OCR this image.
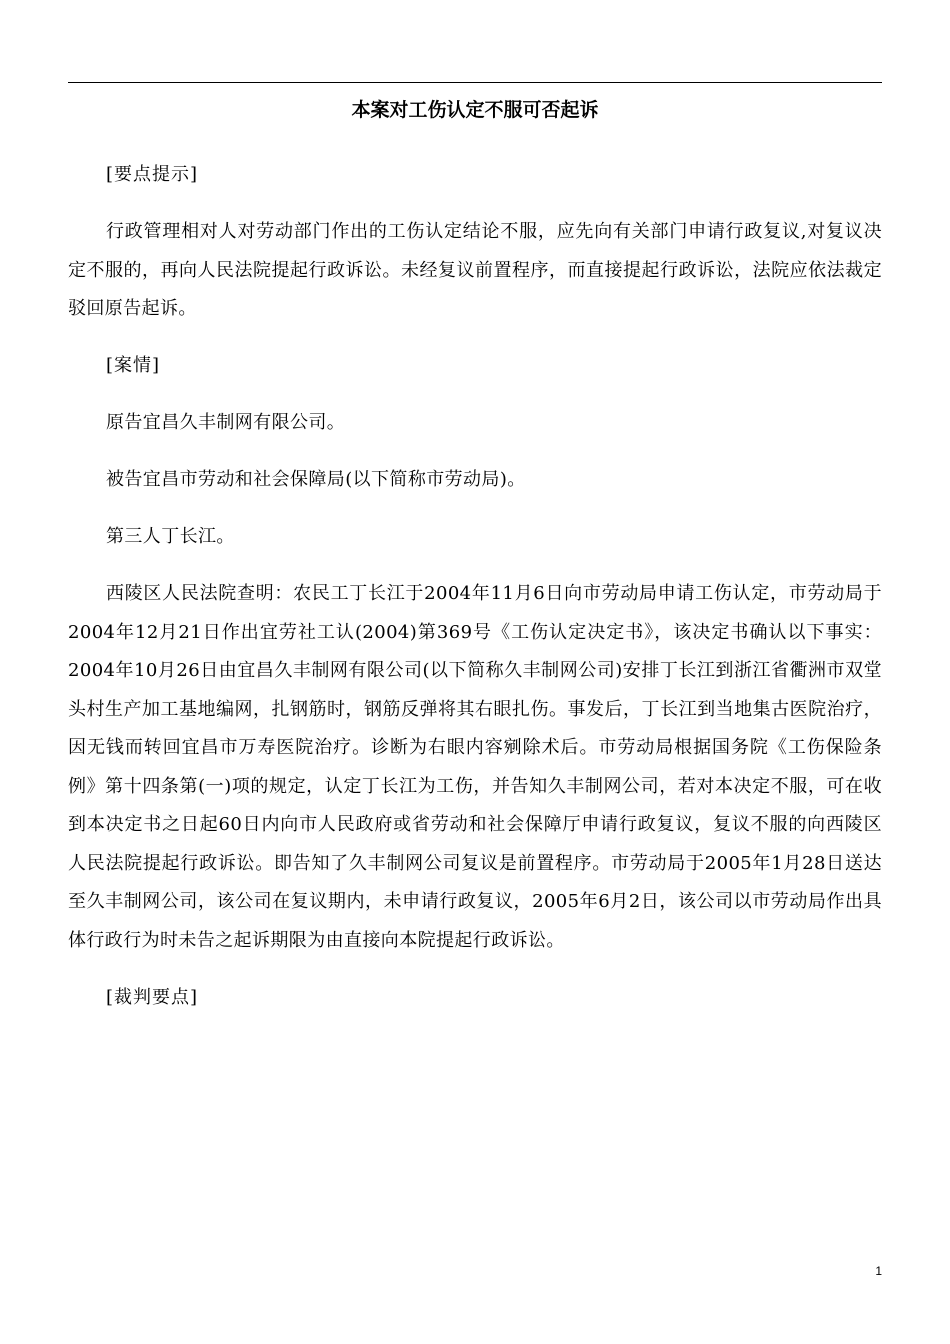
本案对工伤认定不服可否起诉

[要点提示]

行政管理相对人对劳动部门作出的工伤认定结论不服，应先向有关部门申请行政复议,对复议决定不服的，再向人民法院提起行政诉讼。未经复议前置程序，而直接提起行政诉讼，法院应依法裁定驳回原告起诉。

[案情]

原告宜昌久丰制网有限公司。

被告宜昌市劳动和社会保障局(以下简称市劳动局)。

第三人丁长江。

西陵区人民法院查明：农民工丁长江于2004年11月6日向市劳动局申请工伤认定，市劳动局于2004年12月21日作出宜劳社工认(2004)第369号《工伤认定决定书》，该决定书确认以下事实：2004年10月26日由宜昌久丰制网有限公司(以下简称久丰制网公司)安排丁长江到浙江省衢洲市双堂头村生产加工基地编网，扎钢筋时，钢筋反弹将其右眼扎伤。事发后，丁长江到当地集古医院治疗，因无钱而转回宜昌市万寿医院治疗。诊断为右眼内容剜除术后。市劳动局根据国务院《工伤保险条例》第十四条第(一)项的规定，认定丁长江为工伤，并告知久丰制网公司，若对本决定不服，可在收到本决定书之日起60日内向市人民政府或省劳动和社会保障厅申请行政复议，复议不服的向西陵区人民法院提起行政诉讼。即告知了久丰制网公司复议是前置程序。市劳动局于2005年1月28日送达至久丰制网公司，该公司在复议期内，未申请行政复议，2005年6月2日，该公司以市劳动局作出具体行政行为时未告之起诉期限为由直接向本院提起行政诉讼。

[裁判要点]

1
